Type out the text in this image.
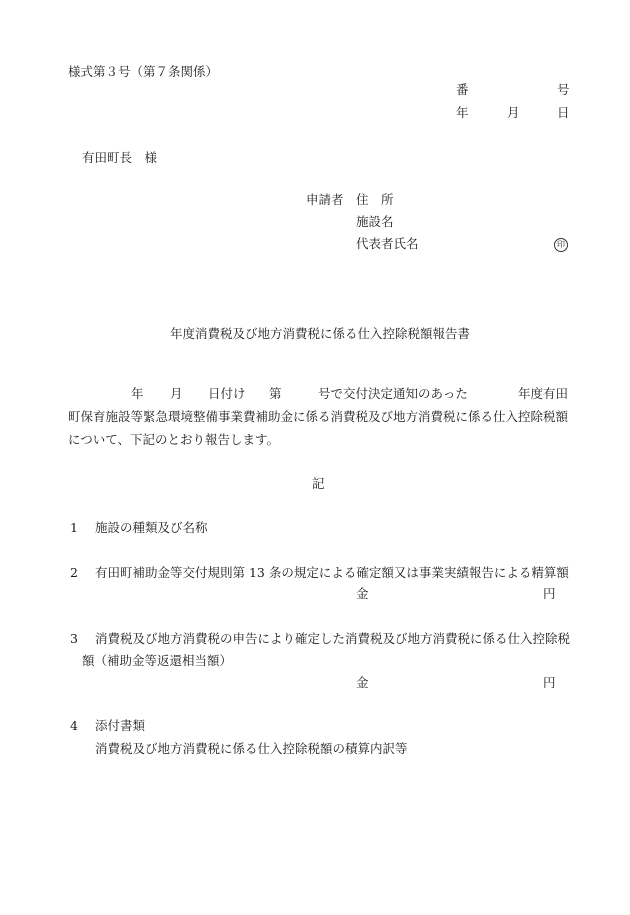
様式第３号（第７条関係）
番	号
年	月	日
有田町長　様
申請者 住　所
施設名
代表者氏名	印
年度消費税及び地方消費税に係る仕入控除税額報告書
年 月 日付け 第	号で交付決定通知のあった	年度有田
町保育施設等緊急環境整備事業費補助金に係る消費税及び地方消費税に係る仕入控除税額
について、下記のとおり報告します。
記
1 施設の種類及び名称
2 有田町補助金等交付規則第 13 条の規定による確定額又は事業実績報告による精算額
金	円
3 消費税及び地方消費税の申告により確定した消費税及び地方消費税に係る仕入控除税
額（補助金等返還相当額）
金	円
4 添付書類
消費税及び地方消費税に係る仕入控除税額の積算内訳等
